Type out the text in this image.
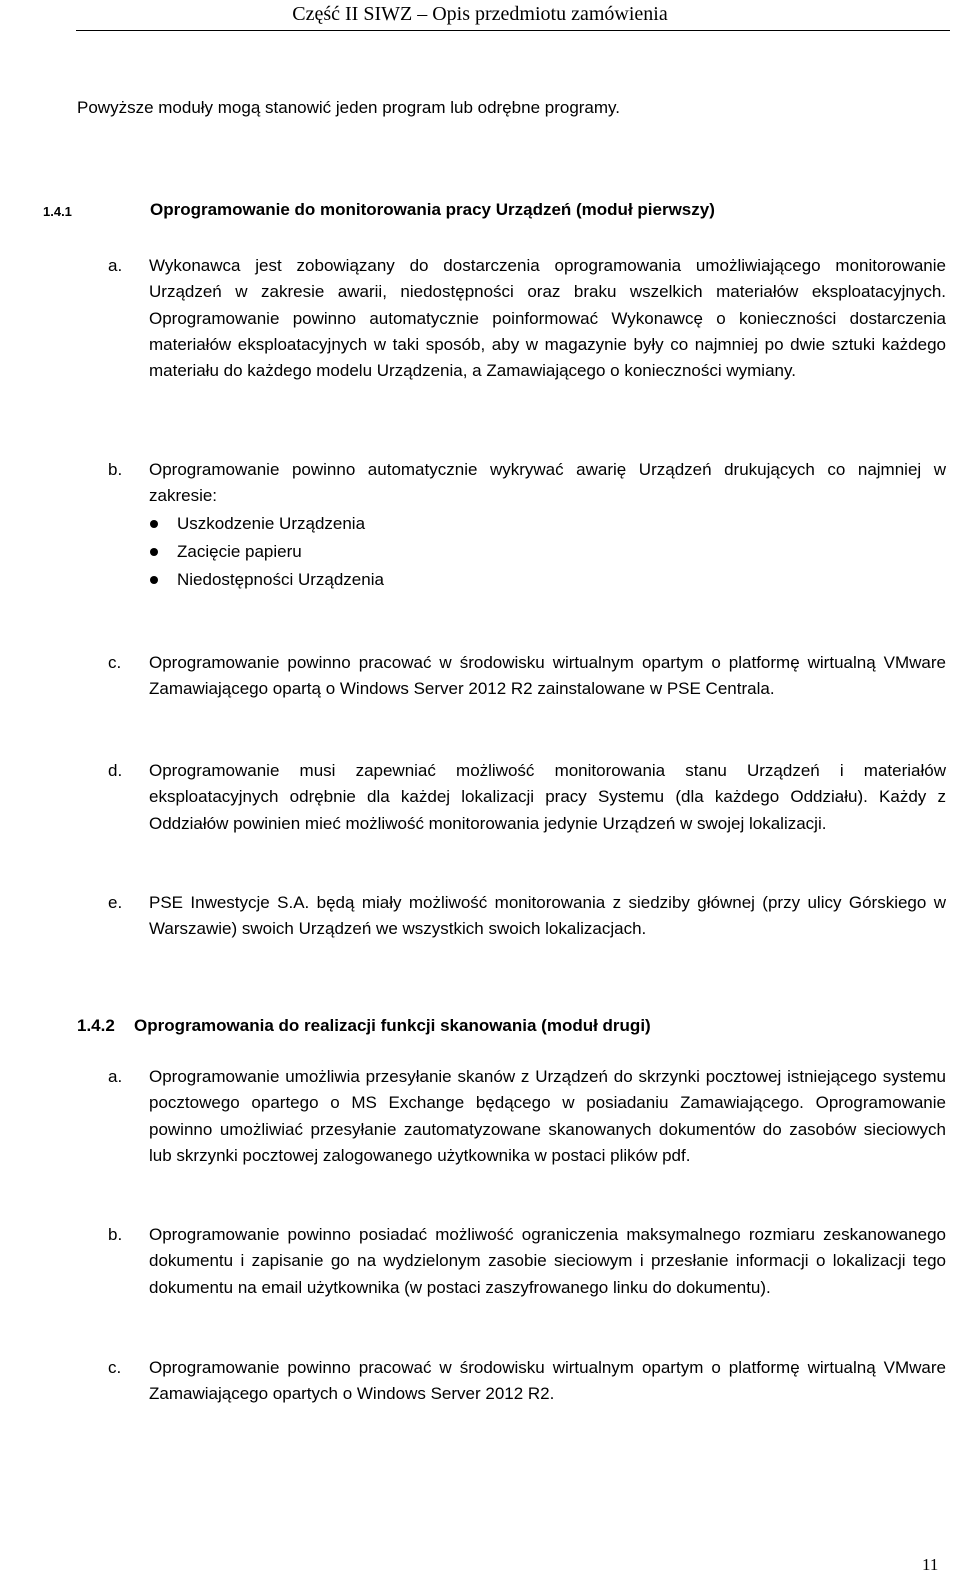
Część II SIWZ – Opis przedmiotu zamówienia
Powyższe moduły mogą stanowić jeden program lub odrębne programy.
1.4.1	Oprogramowanie do monitorowania pracy Urządzeń (moduł pierwszy)
a.	Wykonawca jest zobowiązany do dostarczenia oprogramowania umożliwiającego monitorowanie Urządzeń w zakresie awarii, niedostępności oraz braku wszelkich materiałów eksploatacyjnych. Oprogramowanie powinno automatycznie poinformować Wykonawcę o konieczności dostarczenia materiałów eksploatacyjnych w taki sposób, aby w magazynie były co najmniej po dwie sztuki każdego materiału do każdego modelu Urządzenia, a Zamawiającego o konieczności wymiany.
b.	Oprogramowanie powinno automatycznie wykrywać awarię Urządzeń drukujących co najmniej w zakresie:
Uszkodzenie Urządzenia
Zacięcie papieru
Niedostępności Urządzenia
c.	Oprogramowanie powinno pracować w środowisku wirtualnym opartym o platformę wirtualną VMware Zamawiającego opartą o Windows Server 2012 R2 zainstalowane w PSE Centrala.
d.	Oprogramowanie musi zapewniać możliwość monitorowania stanu Urządzeń i materiałów eksploatacyjnych odrębnie dla każdej lokalizacji pracy Systemu (dla każdego Oddziału). Każdy z Oddziałów powinien mieć możliwość monitorowania jedynie Urządzeń w swojej lokalizacji.
e.	PSE Inwestycje S.A. będą miały możliwość monitorowania z siedziby głównej (przy ulicy Górskiego w Warszawie) swoich Urządzeń we wszystkich swoich lokalizacjach.
1.4.2 Oprogramowania do realizacji funkcji skanowania (moduł drugi)
a.	Oprogramowanie umożliwia przesyłanie skanów z Urządzeń do skrzynki pocztowej istniejącego systemu pocztowego opartego o MS Exchange będącego w posiadaniu Zamawiającego. Oprogramowanie powinno umożliwiać przesyłanie zautomatyzowane skanowanych dokumentów do zasobów sieciowych lub skrzynki pocztowej zalogowanego użytkownika w postaci plików pdf.
b.	Oprogramowanie powinno posiadać możliwość ograniczenia maksymalnego rozmiaru zeskanowanego dokumentu i zapisanie go na wydzielonym zasobie sieciowym i przesłanie informacji o lokalizacji tego dokumentu na email użytkownika (w postaci zaszyfrowanego linku do dokumentu).
c.	Oprogramowanie powinno pracować w środowisku wirtualnym opartym o platformę wirtualną VMware Zamawiającego opartych o Windows Server 2012 R2.
11
